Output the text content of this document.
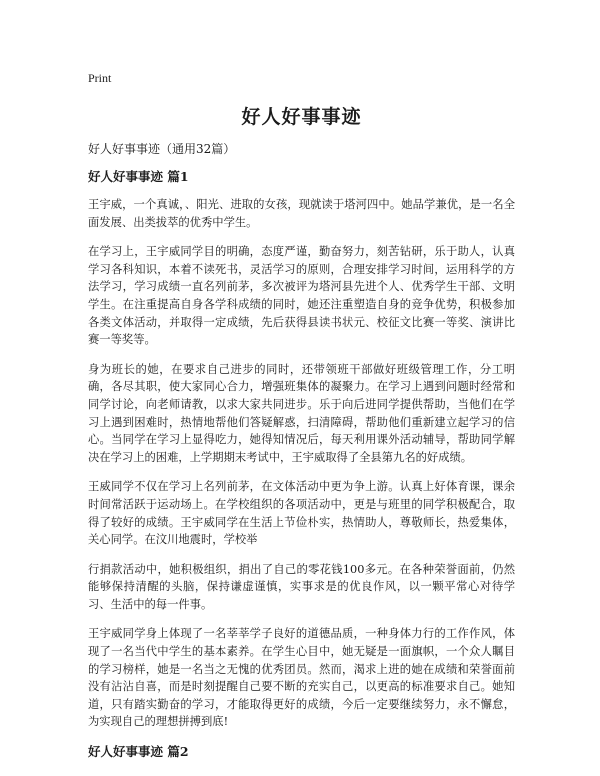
Print

好人好事事迹

好人好事事迹（通用32篇）

好人好事事迹 篇1

王宇威，一个真诚，、阳光、进取的女孩，现就读于塔河四中。她品学兼优，是一名全面发展、出类拔萃的优秀中学生。

在学习上，王宇威同学目的明确，态度严谨，勤奋努力，刻苦钻研，乐于助人，认真学习各科知识，本着不读死书，灵活学习的原则，合理安排学习时间，运用科学的方法学习，学习成绩一直名列前茅，多次被评为塔河县先进个人、优秀学生干部、文明学生。在注重提高自身各学科成绩的同时，她还注重塑造自身的竞争优势，积极参加各类文体活动，并取得一定成绩，先后获得县读书状元、校征文比赛一等奖、演讲比赛一等奖等。

身为班长的她，在要求自己进步的同时，还带领班干部做好班级管理工作，分工明确，各尽其职，使大家同心合力，增强班集体的凝聚力。在学习上遇到问题时经常和同学讨论，向老师请教，以求大家共同进步。乐于向后进同学提供帮助，当他们在学习上遇到困难时，热情地帮他们答疑解惑，扫清障碍，帮助他们重新建立起学习的信心。当同学在学习上显得吃力，她得知情况后，每天利用课外活动辅导，帮助同学解决在学习上的困难，上学期期末考试中，王宇威取得了全县第九名的好成绩。

王威同学不仅在学习上名列前茅，在文体活动中更为争上游。认真上好体育课，课余时间常活跃于运动场上。在学校组织的各项活动中，更是与班里的同学积极配合，取得了较好的成绩。王宇威同学在生活上节俭朴实，热情助人，尊敬师长，热爱集体，关心同学。在汶川地震时，学校举

行捐款活动中，她积极组织，捐出了自己的零花钱100多元。在各种荣誉面前，仍然能够保持清醒的头脑，保持谦虚谨慎，实事求是的优良作风，以一颗平常心对待学习、生活中的每一件事。

王宇威同学身上体现了一名莘莘学子良好的道德品质，一种身体力行的工作作风，体现了一名当代中学生的基本素养。在学生心目中，她无疑是一面旗帜，一个众人瞩目的学习榜样，她是一名当之无愧的优秀团员。然而，渴求上进的她在成绩和荣誉面前没有沾沾自喜，而是时刻提醒自己要不断的充实自己，以更高的标准要求自己。她知道，只有踏实勤奋的学习，才能取得更好的成绩，今后一定要继续努力，永不懈怠，为实现自己的理想拼搏到底!

好人好事事迹 篇2
